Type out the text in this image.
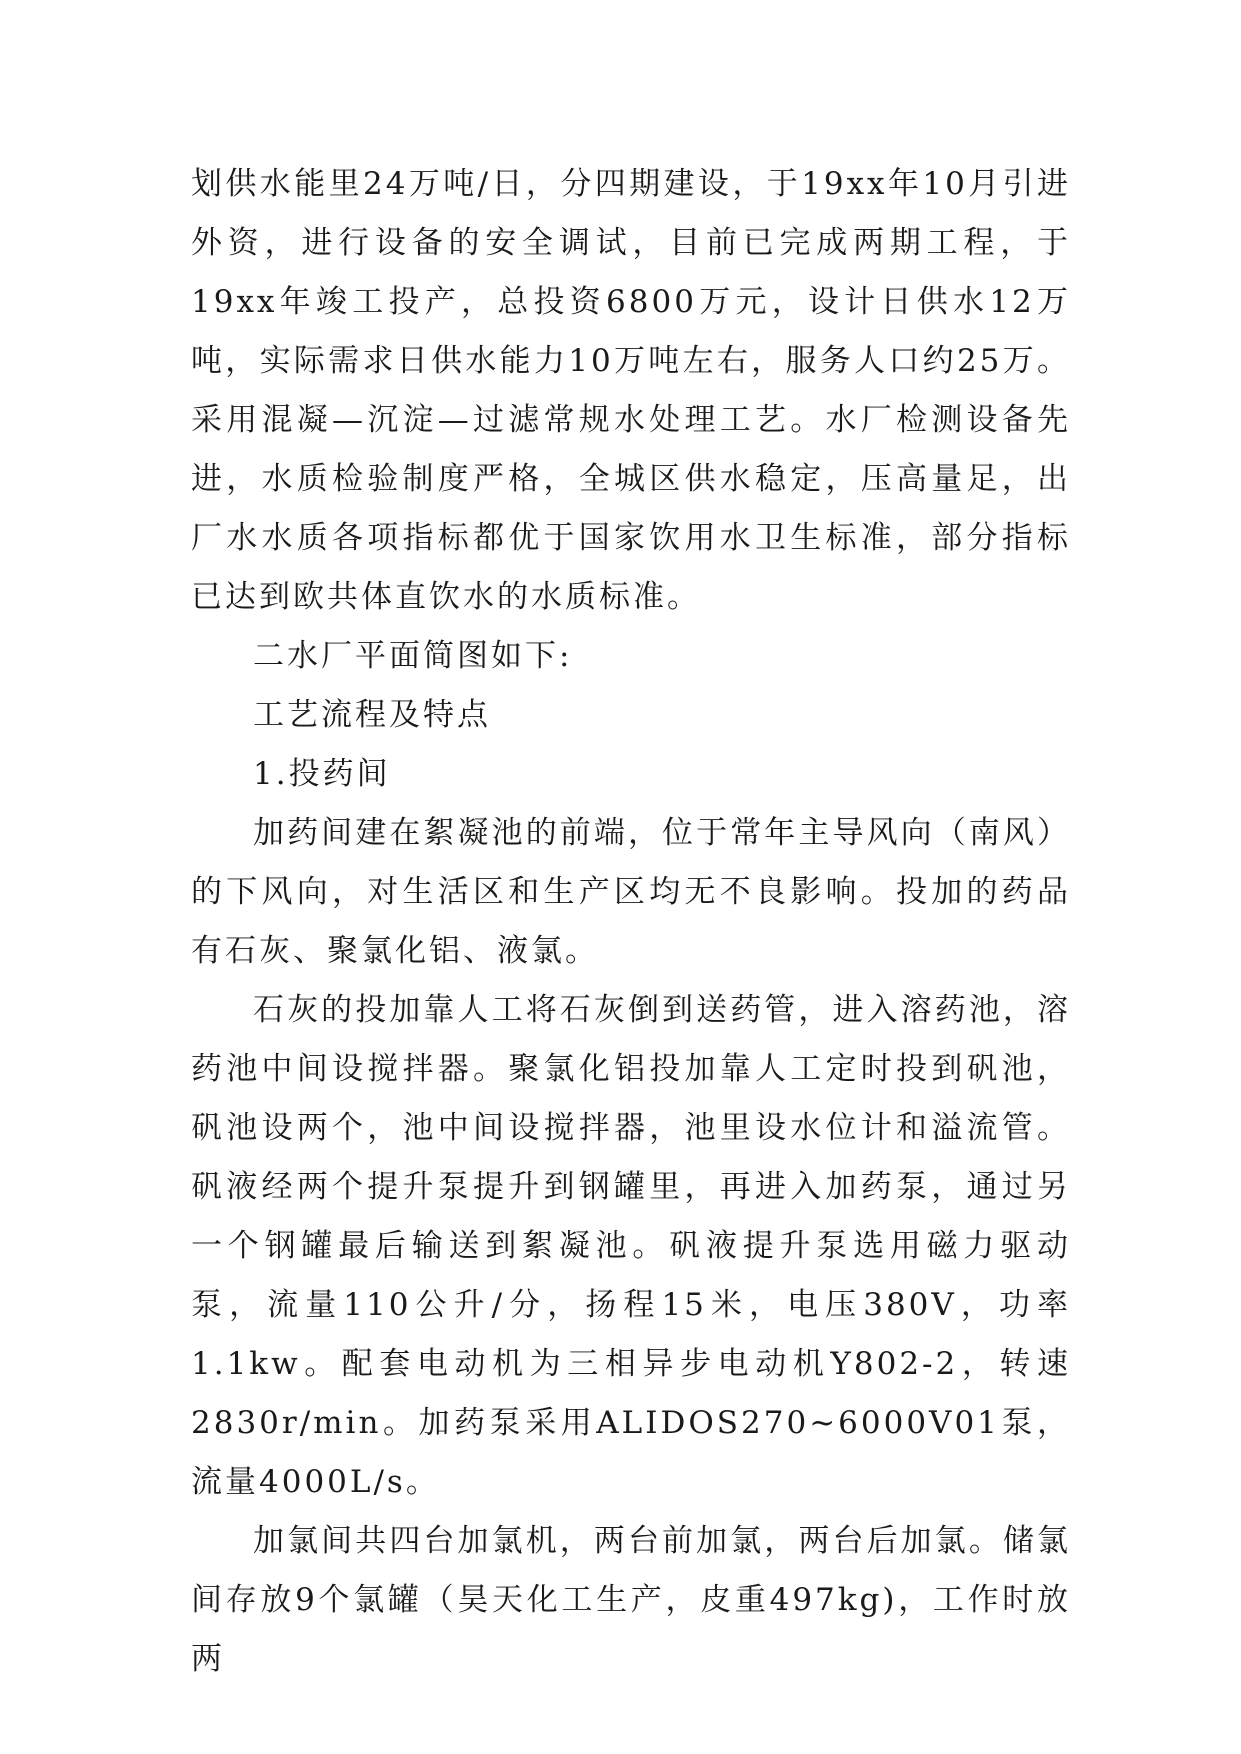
划供水能里24万吨/日，分四期建设，于19xx年10月引进外资，进行设备的安全调试，目前已完成两期工程，于19xx年竣工投产，总投资6800万元，设计日供水12万吨，实际需求日供水能力10万吨左右，服务人口约25万。采用混凝—沉淀—过滤常规水处理工艺。水厂检测设备先进，水质检验制度严格，全城区供水稳定，压高量足，出厂水水质各项指标都优于国家饮用水卫生标准，部分指标已达到欧共体直饮水的水质标准。

二水厂平面简图如下:

工艺流程及特点

1.投药间

加药间建在絮凝池的前端，位于常年主导风向（南风）的下风向，对生活区和生产区均无不良影响。投加的药品有石灰、聚氯化铝、液氯。

石灰的投加靠人工将石灰倒到送药管，进入溶药池，溶药池中间设搅拌器。聚氯化铝投加靠人工定时投到矾池，矾池设两个，池中间设搅拌器，池里设水位计和溢流管。矾液经两个提升泵提升到钢罐里，再进入加药泵，通过另一个钢罐最后输送到絮凝池。矾液提升泵选用磁力驱动泵，流量110公升/分，扬程15米，电压380V，功率1.1kw。配套电动机为三相异步电动机Y802-2，转速2830r/min。加药泵采用ALIDOS270~6000V01泵，流量4000L/s。

加氯间共四台加氯机，两台前加氯，两台后加氯。储氯间存放9个氯罐（昊天化工生产，皮重497kg)，工作时放两
